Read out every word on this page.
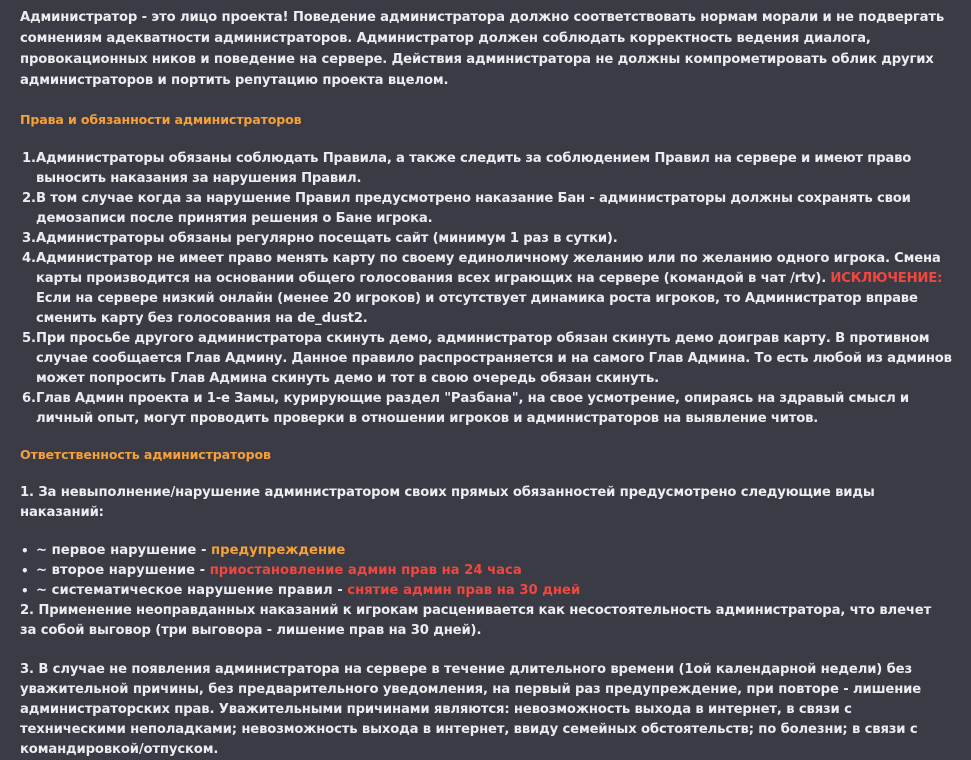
Администратор - это лицо проекта! Поведение администратора должно соответствовать нормам морали и не подвергать сомнениям адекватности администраторов. Администратор должен соблюдать корректность ведения диалога, провокационных ников и поведение на сервере. Действия администратора не должны компрометировать облик других администраторов и портить репутацию проекта вцелом.

Права и обязанности администраторов

1. Администраторы обязаны соблюдать Правила, а также следить за соблюдением Правил на сервере и имеют право выносить наказания за нарушения Правил.
2. В том случае когда за нарушение Правил предусмотрено наказание Бан - администраторы должны сохранять свои демозаписи после принятия решения о Бане игрока.
3. Администраторы обязаны регулярно посещать сайт (минимум 1 раз в сутки).
4. Администратор не имеет право менять карту по своему единоличному желанию или по желанию одного игрока. Смена карты производится на основании общего голосования всех играющих на сервере (командой в чат /rtv). ИСКЛЮЧЕНИЕ: Если на сервере низкий онлайн (менее 20 игроков) и отсутствует динамика роста игроков, то Администратор вправе сменить карту без голосования на de_dust2.
5. При просьбе другого администратора скинуть демо, администратор обязан скинуть демо доиграв карту. В противном случае сообщается Глав Админу. Данное правило распространяется и на самого Глав Админа. То есть любой из админов может попросить Глав Админа скинуть демо и тот в свою очередь обязан скинуть.
6. Глав Админ проекта и 1-е Замы, курирующие раздел "Разбана", на свое усмотрение, опираясь на здравый смысл и личный опыт, могут проводить проверки в отношении игроков и администраторов на выявление читов.

Ответственность администраторов

1. За невыполнение/нарушение администратором своих прямых обязанностей предусмотрено следующие виды наказаний:

• ~ первое нарушение - предупреждение
• ~ второе нарушение - приостановление админ прав на 24 часа
• ~ систематическое нарушение правил - снятие админ прав на 30 дней

2. Применение неоправданных наказаний к игрокам расценивается как несостоятельность администратора, что влечет за собой выговор (три выговора - лишение прав на 30 дней).

3. В случае не появления администратора на сервере в течение длительного времени (1ой календарной недели) без уважительной причины, без предварительного уведомления, на первый раз предупреждение, при повторе - лишение администраторских прав. Уважительными причинами являются: невозможность выхода в интернет, в связи с техническими неполадками; невозможность выхода в интернет, ввиду семейных обстоятельств; по болезни; в связи с командировкой/отпуском.
